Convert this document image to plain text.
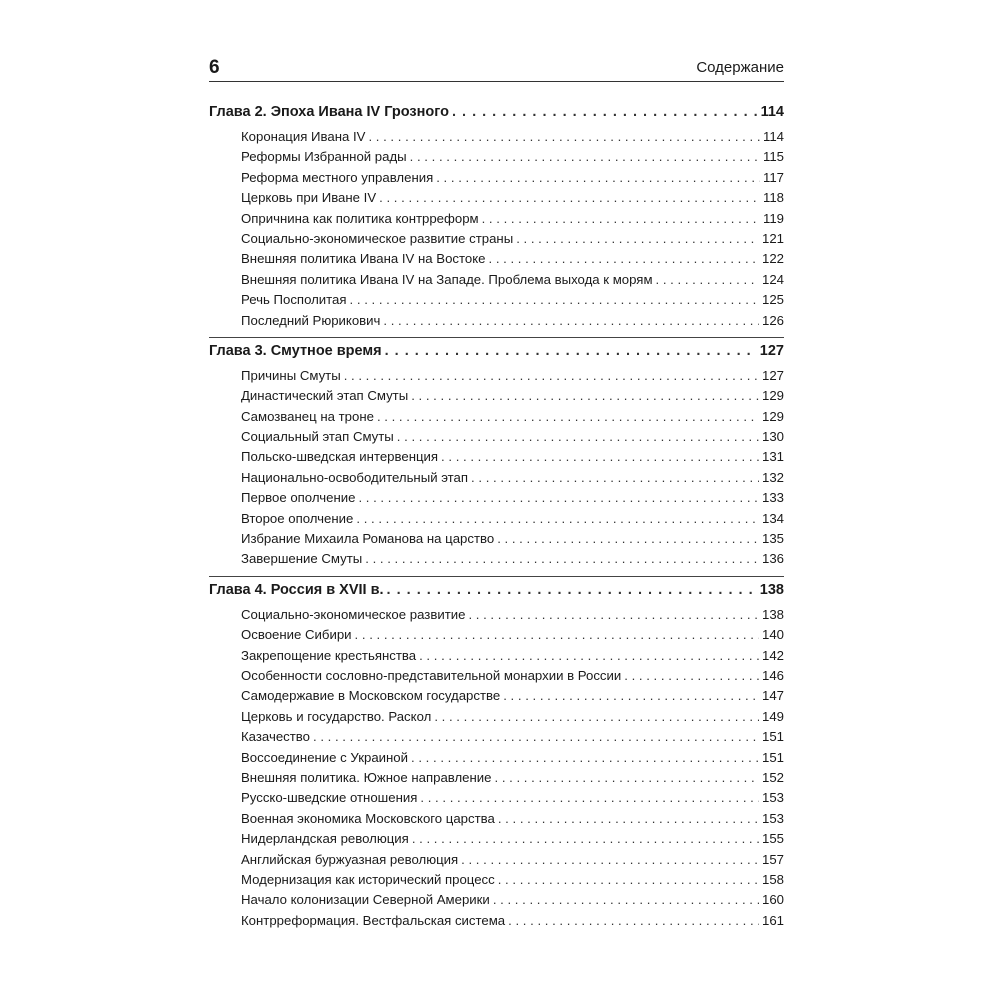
6	Содержание
Глава 2. Эпоха Ивана IV Грозного . . .	114
Коронация Ивана IV . . .	114
Реформы Избранной рады . . .	115
Реформа местного управления . . .	117
Церковь при Иване IV . . .	118
Опричнина как политика контрреформ . . .	119
Социально-экономическое развитие страны . . .	121
Внешняя политика Ивана IV на Востоке . . .	122
Внешняя политика Ивана IV на Западе. Проблема выхода к морям . . .	124
Речь Посполитая . . .	125
Последний Рюрикович . . .	126
Глава 3. Смутное время . . .	127
Причины Смуты . . .	127
Династический этап Смуты . . .	129
Самозванец на троне . . .	129
Социальный этап Смуты . . .	130
Польско-шведская интервенция . . .	131
Национально-освободительный этап . . .	132
Первое ополчение . . .	133
Второе ополчение . . .	134
Избрание Михаила Романова на царство . . .	135
Завершение Смуты . . .	136
Глава 4. Россия в XVII в. . . .	138
Социально-экономическое развитие . . .	138
Освоение Сибири . . .	140
Закрепощение крестьянства . . .	142
Особенности сословно-представительной монархии в России . . .	146
Самодержавие в Московском государстве . . .	147
Церковь и государство. Раскол . . .	149
Казачество . . .	151
Воссоединение с Украиной . . .	151
Внешняя политика. Южное направление . . .	152
Русско-шведские отношения . . .	153
Военная экономика Московского царства . . .	153
Нидерландская революция . . .	155
Английская буржуазная революция . . .	157
Модернизация как исторический процесс . . .	158
Начало колонизации Северной Америки . . .	160
Контрреформация. Вестфальская система . . .	161
